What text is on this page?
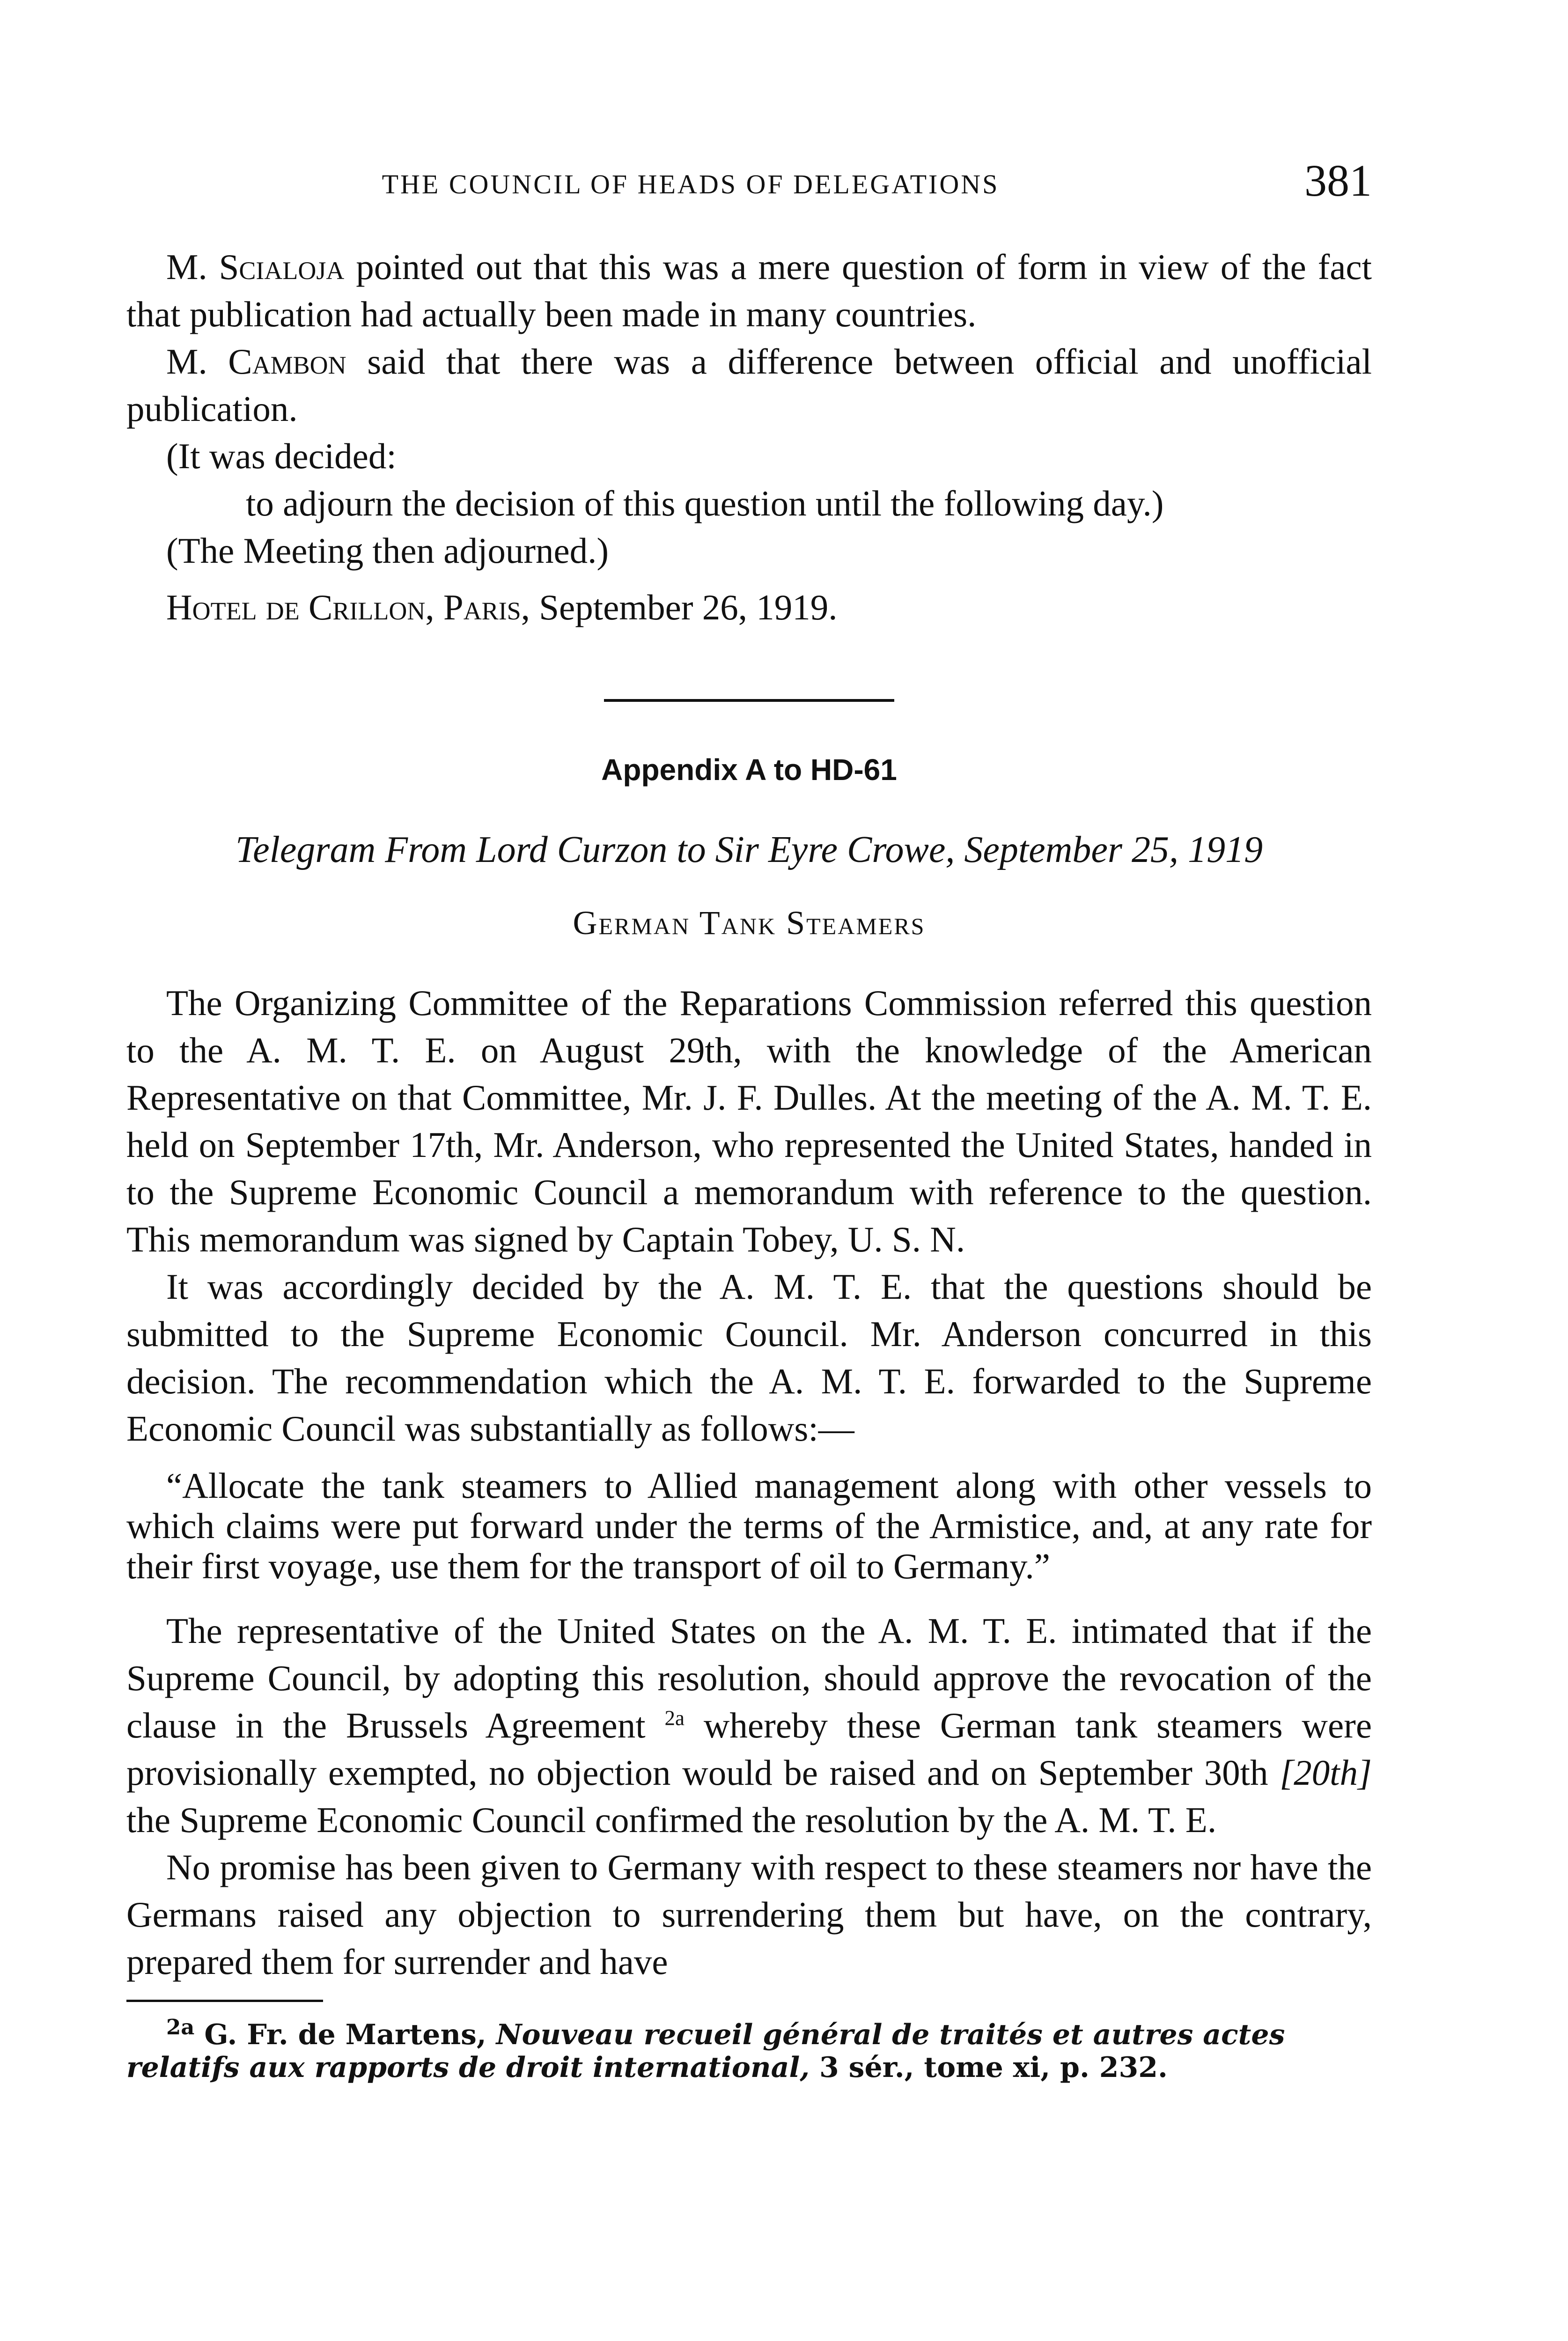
THE COUNCIL OF HEADS OF DELEGATIONS	381

M. Scialoja pointed out that this was a mere question of form in view of the fact that publication had actually been made in many countries.

M. Cambon said that there was a difference between official and unofficial publication.

(It was decided:

to adjourn the decision of this question until the following day.)

(The Meeting then adjourned.)

Hotel de Crillon, Paris, September 26, 1919.

Appendix A to HD-61
Telegram From Lord Curzon to Sir Eyre Crowe, September 25, 1919
German Tank Steamers

The Organizing Committee of the Reparations Commission referred this question to the A. M. T. E. on August 29th, with the knowledge of the American Representative on that Committee, Mr. J. F. Dulles. At the meeting of the A. M. T. E. held on September 17th, Mr. Anderson, who represented the United States, handed in to the Supreme Economic Council a memorandum with reference to the question. This memorandum was signed by Captain Tobey, U. S. N.

It was accordingly decided by the A. M. T. E. that the questions should be submitted to the Supreme Economic Council. Mr. Anderson concurred in this decision. The recommendation which the A. M. T. E. forwarded to the Supreme Economic Council was substantially as follows:—

“Allocate the tank steamers to Allied management along with other vessels to which claims were put forward under the terms of the Armistice, and, at any rate for their first voyage, use them for the transport of oil to Germany.”

The representative of the United States on the A. M. T. E. intimated that if the Supreme Council, by adopting this resolution, should approve the revocation of the clause in the Brussels Agreement $^{2a}$ whereby these German tank steamers were provisionally exempted, no objection would be raised and on September 30th [20th] the Supreme Economic Council confirmed the resolution by the A. M. T. E.

No promise has been given to Germany with respect to these steamers nor have the Germans raised any objection to surrendering them but have, on the contrary, prepared them for surrender and have

$^{2a}$ G. Fr. de Martens, Nouveau recueil général de traités et autres actes relatifs aux rapports de droit international, 3 sér., tome xi, p. 232.
